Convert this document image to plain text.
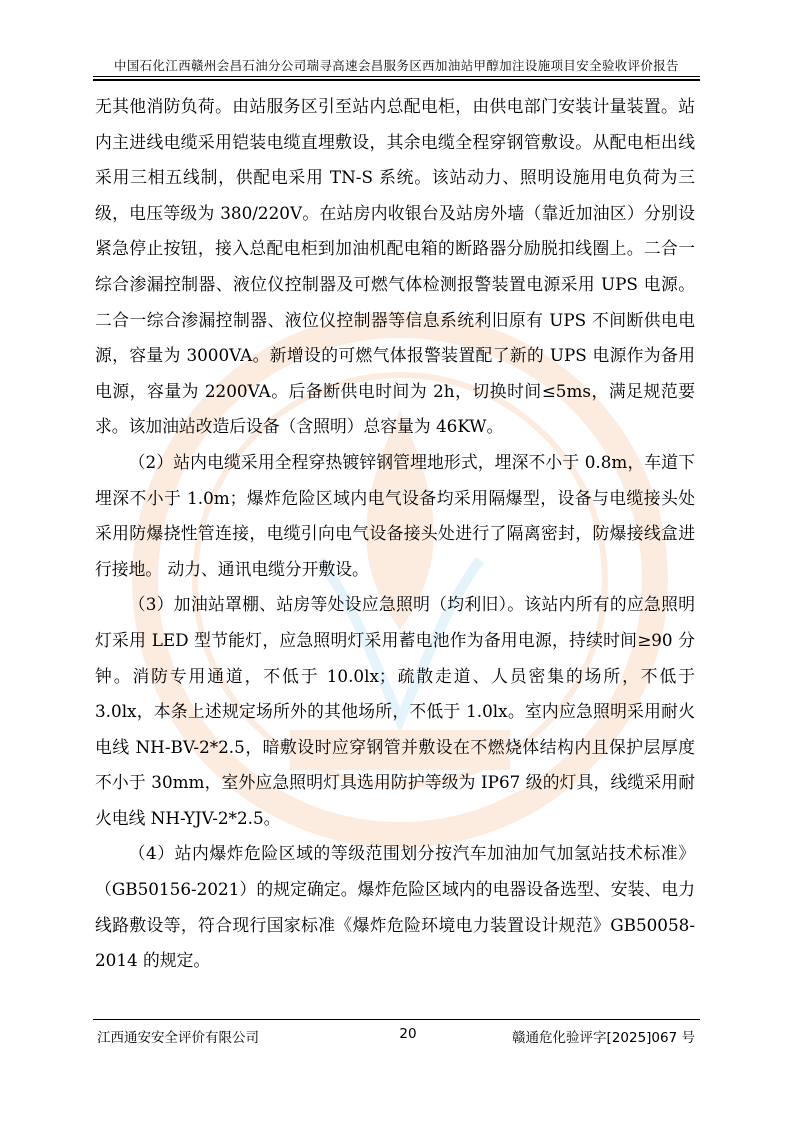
中国石化江西赣州会昌石油分公司瑞寻高速会昌服务区西加油站甲醇加注设施项目安全验收评价报告

无其他消防负荷。由站服务区引至站内总配电柜，由供电部门安装计量装置。站内主进线电缆采用铠装电缆直埋敷设，其余电缆全程穿钢管敷设。从配电柜出线采用三相五线制，供配电采用 TN-S 系统。该站动力、照明设施用电负荷为三级，电压等级为 380/220V。在站房内收银台及站房外墙（靠近加油区）分别设紧急停止按钮，接入总配电柜到加油机配电箱的断路器分励脱扣线圈上。二合一综合渗漏控制器、液位仪控制器及可燃气体检测报警装置电源采用 UPS 电源。二合一综合渗漏控制器、液位仪控制器等信息系统利旧原有 UPS 不间断供电电源，容量为 3000VA。新增设的可燃气体报警装置配了新的 UPS 电源作为备用电源，容量为 2200VA。后备断供电时间为 2h，切换时间≤5ms，满足规范要求。该加油站改造后设备（含照明）总容量为 46KW。

（2）站内电缆采用全程穿热镀锌钢管埋地形式，埋深不小于 0.8m，车道下埋深不小于 1.0m；爆炸危险区域内电气设备均采用隔爆型，设备与电缆接头处采用防爆挠性管连接，电缆引向电气设备接头处进行了隔离密封，防爆接线盒进行接地。 动力、通讯电缆分开敷设。

（3）加油站罩棚、站房等处设应急照明（均利旧）。该站内所有的应急照明灯采用 LED 型节能灯，应急照明灯采用蓄电池作为备用电源，持续时间≥90 分钟。消防专用通道，不低于 10.0lx；疏散走道、人员密集的场所，不低于 3.0lx，本条上述规定场所外的其他场所，不低于 1.0lx。室内应急照明采用耐火电线 NH-BV-2*2.5，暗敷设时应穿钢管并敷设在不燃烧体结构内且保护层厚度不小于 30mm，室外应急照明灯具选用防护等级为 IP67 级的灯具，线缆采用耐火电线 NH-YJV-2*2.5。

（4）站内爆炸危险区域的等级范围划分按汽车加油加气加氢站技术标准》（GB50156-2021）的规定确定。爆炸危险区域内的电器设备选型、安装、电力线路敷设等，符合现行国家标准《爆炸危险环境电力装置设计规范》GB50058-2014 的规定。

江西通安安全评价有限公司	20	赣通危化验评字[2025]067 号
